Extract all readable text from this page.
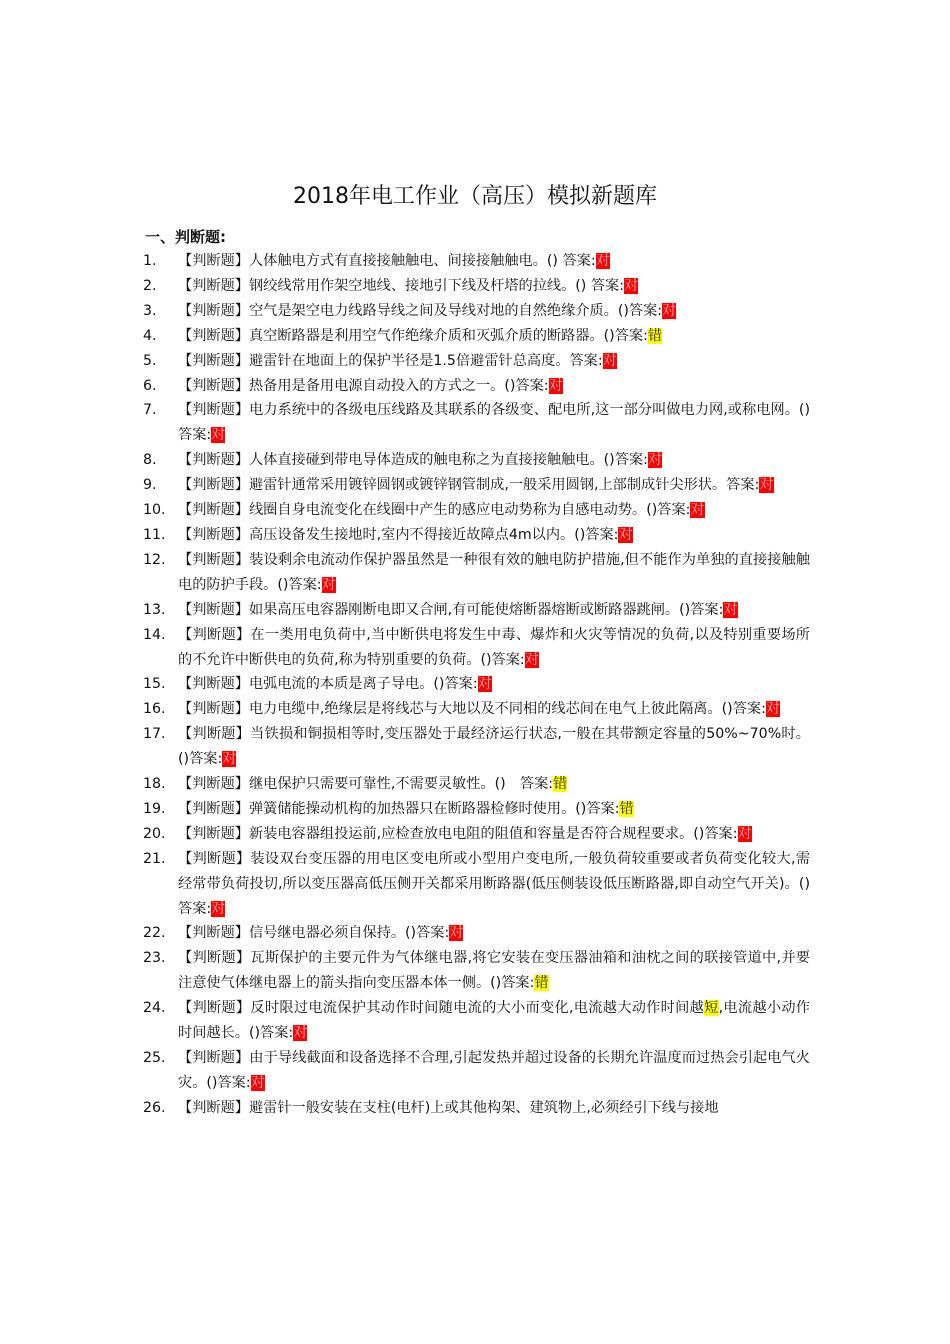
2018年电工作业（高压）模拟新题库
一、判断题:
1.	【判断题】人体触电方式有直接接触触电、间接接触触电。() 答案:对
2.	【判断题】钢绞线常用作架空地线、接地引下线及杆塔的拉线。() 答案:对
3.	【判断题】空气是架空电力线路导线之间及导线对地的自然绝缘介质。()答案:对
4.	【判断题】真空断路器是利用空气作绝缘介质和灭弧介质的断路器。()答案:错
5.	【判断题】避雷针在地面上的保护半径是1.5倍避雷针总高度。答案:对
6.	【判断题】热备用是备用电源自动投入的方式之一。()答案:对
7.	【判断题】电力系统中的各级电压线路及其联系的各级变、配电所,这一部分叫做电力网,或称电网。()答案:对
8.	【判断题】人体直接碰到带电导体造成的触电称之为直接接触触电。()答案:对
9.	【判断题】避雷针通常采用镀锌圆钢或镀锌钢管制成,一般采用圆钢,上部制成针尖形状。答案:对
10. 【判断题】线圈自身电流变化在线圈中产生的感应电动势称为自感电动势。()答案:对
11. 【判断题】高压设备发生接地时,室内不得接近故障点4m以内。()答案:对
12. 【判断题】装设剩余电流动作保护器虽然是一种很有效的触电防护措施,但不能作为单独的直接接触触电的防护手段。()答案:对
13. 【判断题】如果高压电容器刚断电即又合闸,有可能使熔断器熔断或断路器跳闸。()答案:对
14. 【判断题】在一类用电负荷中,当中断供电将发生中毒、爆炸和火灾等情况的负荷,以及特别重要场所的不允许中断供电的负荷,称为特别重要的负荷。()答案:对
15. 【判断题】电弧电流的本质是离子导电。()答案:对
16. 【判断题】电力电缆中,绝缘层是将线芯与大地以及不同相的线芯间在电气上彼此隔离。()答案:对
17. 【判断题】当铁损和铜损相等时,变压器处于最经济运行状态,一般在其带额定容量的50%~70%时。()答案:对
18. 【判断题】继电保护只需要可靠性,不需要灵敏性。()　答案:错
19. 【判断题】弹簧储能操动机构的加热器只在断路器检修时使用。()答案:错
20. 【判断题】新装电容器组投运前,应检查放电电阻的阻值和容量是否符合规程要求。()答案:对
21. 【判断题】装设双台变压器的用电区变电所或小型用户变电所,一般负荷较重要或者负荷变化较大,需经常带负荷投切,所以变压器高低压侧开关都采用断路器(低压侧装设低压断路器,即自动空气开关)。()答案:对
22. 【判断题】信号继电器必须自保持。()答案:对
23. 【判断题】瓦斯保护的主要元件为气体继电器,将它安装在变压器油箱和油枕之间的联接管道中,并要注意使气体继电器上的箭头指向变压器本体一侧。()答案:错
24. 【判断题】反时限过电流保护其动作时间随电流的大小而变化,电流越大动作时间越短,电流越小动作时间越长。()答案:对
25. 【判断题】由于导线截面和设备选择不合理,引起发热并超过设备的长期允许温度而过热会引起电气火灾。()答案:对
26. 【判断题】避雷针一般安装在支柱(电杆)上或其他构架、建筑物上,必须经引下线与接地
